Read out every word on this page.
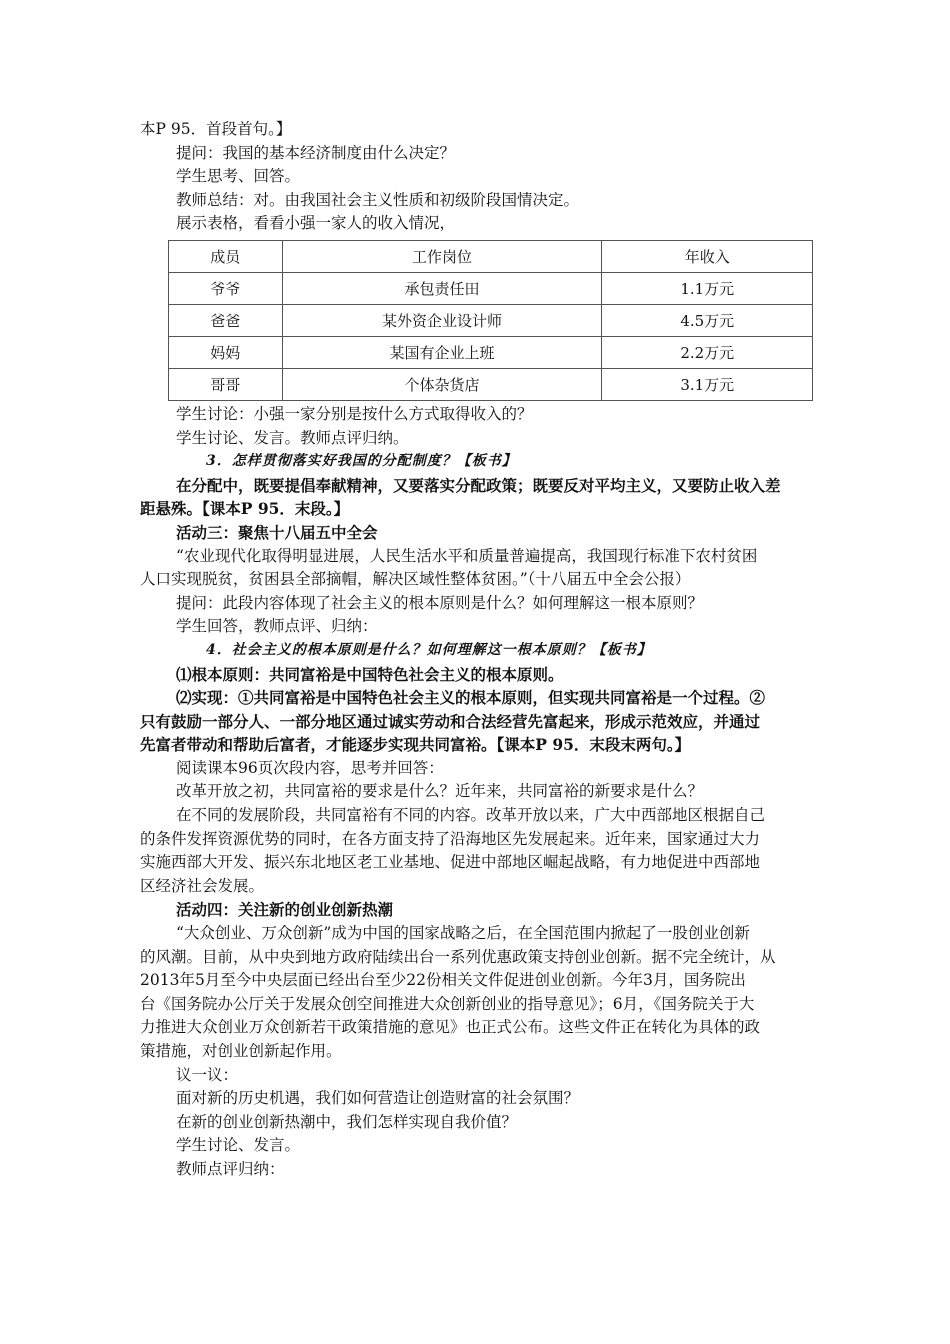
本P 95．首段首句。】
提问：我国的基本经济制度由什么决定？
学生思考、回答。
教师总结：对。由我国社会主义性质和初级阶段国情决定。
展示表格，看看小强一家人的收入情况，
成员	工作岗位	年收入
爷爷	承包责任田	1.1万元
爸爸	某外资企业设计师	4.5万元
妈妈	某国有企业上班	2.2万元
哥哥	个体杂货店	3.1万元
学生讨论：小强一家分别是按什么方式取得收入的？
学生讨论、发言。教师点评归纳。
3．怎样贯彻落实好我国的分配制度？【板书】
在分配中，既要提倡奉献精神，又要落实分配政策；既要反对平均主义，又要防止收入差
距悬殊。【课本P 95．末段。】
活动三：聚焦十八届五中全会
“农业现代化取得明显进展，人民生活水平和质量普遍提高，我国现行标准下农村贫困
人口实现脱贫，贫困县全部摘帽，解决区域性整体贫困。”（十八届五中全会公报）
提问：此段内容体现了社会主义的根本原则是什么？如何理解这一根本原则？
学生回答，教师点评、归纳：
4．社会主义的根本原则是什么？如何理解这一根本原则？【板书】
⑴根本原则：共同富裕是中国特色社会主义的根本原则。
⑵实现：①共同富裕是中国特色社会主义的根本原则，但实现共同富裕是一个过程。②
只有鼓励一部分人、一部分地区通过诚实劳动和合法经营先富起来，形成示范效应，并通过
先富者带动和帮助后富者，才能逐步实现共同富裕。【课本P 95．末段末两句。】
阅读课本96页次段内容，思考并回答：
改革开放之初，共同富裕的要求是什么？近年来，共同富裕的新要求是什么？
在不同的发展阶段，共同富裕有不同的内容。改革开放以来，广大中西部地区根据自己
的条件发挥资源优势的同时，在各方面支持了沿海地区先发展起来。近年来，国家通过大力
实施西部大开发、振兴东北地区老工业基地、促进中部地区崛起战略，有力地促进中西部地
区经济社会发展。
活动四：关注新的创业创新热潮
“大众创业、万众创新”成为中国的国家战略之后，在全国范围内掀起了一股创业创新
的风潮。目前，从中央到地方政府陆续出台一系列优惠政策支持创业创新。据不完全统计，从
2013年5月至今中央层面已经出台至少22份相关文件促进创业创新。今年3月，国务院出
台《国务院办公厅关于发展众创空间推进大众创新创业的指导意见》；6月，《国务院关于大
力推进大众创业万众创新若干政策措施的意见》也正式公布。这些文件正在转化为具体的政
策措施，对创业创新起作用。
议一议：
面对新的历史机遇，我们如何营造让创造财富的社会氛围？
在新的创业创新热潮中，我们怎样实现自我价值？
学生讨论、发言。
教师点评归纳：
